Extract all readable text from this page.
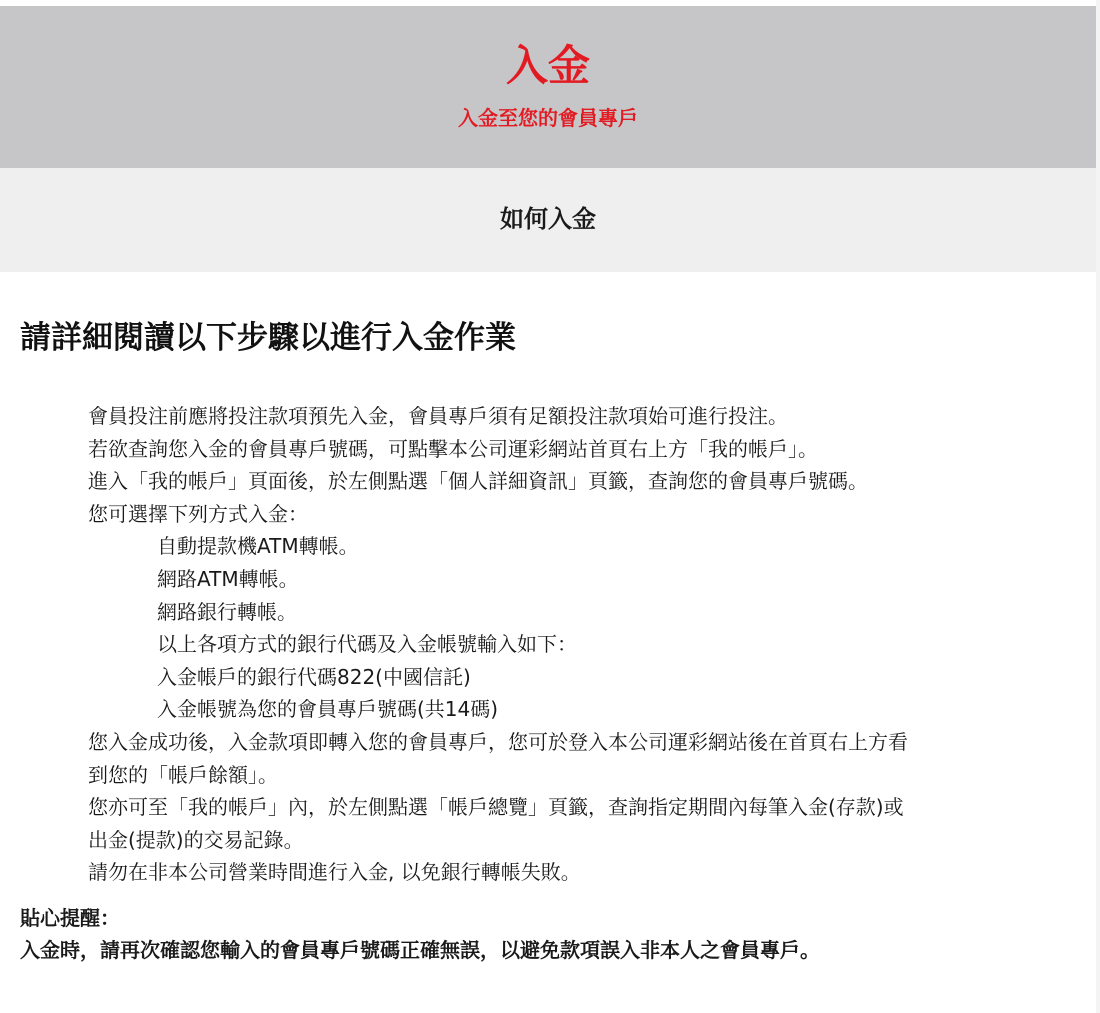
入金
入金至您的會員專戶
如何入金
請詳細閱讀以下步驟以進行入金作業
會員投注前應將投注款項預先入金，會員專戶須有足額投注款項始可進行投注。
若欲查詢您入金的會員專戶號碼，可點擊本公司運彩網站首頁右上方「我的帳戶」。
進入「我的帳戶」頁面後，於左側點選「個人詳細資訊」頁籤，查詢您的會員專戶號碼。
您可選擇下列方式入金：
自動提款機ATM轉帳。
網路ATM轉帳。
網路銀行轉帳。
以上各項方式的銀行代碼及入金帳號輸入如下：
入金帳戶的銀行代碼822(中國信託)
入金帳號為您的會員專戶號碼(共14碼)
您入金成功後，入金款項即轉入您的會員專戶，您可於登入本公司運彩網站後在首頁右上方看
到您的「帳戶餘額」。
您亦可至「我的帳戶」內，於左側點選「帳戶總覽」頁籤，查詢指定期間內每筆入金(存款)或
出金(提款)的交易記錄。
請勿在非本公司營業時間進行入金, 以免銀行轉帳失敗。
貼心提醒：
入金時，請再次確認您輸入的會員專戶號碼正確無誤，以避免款項誤入非本人之會員專戶。
